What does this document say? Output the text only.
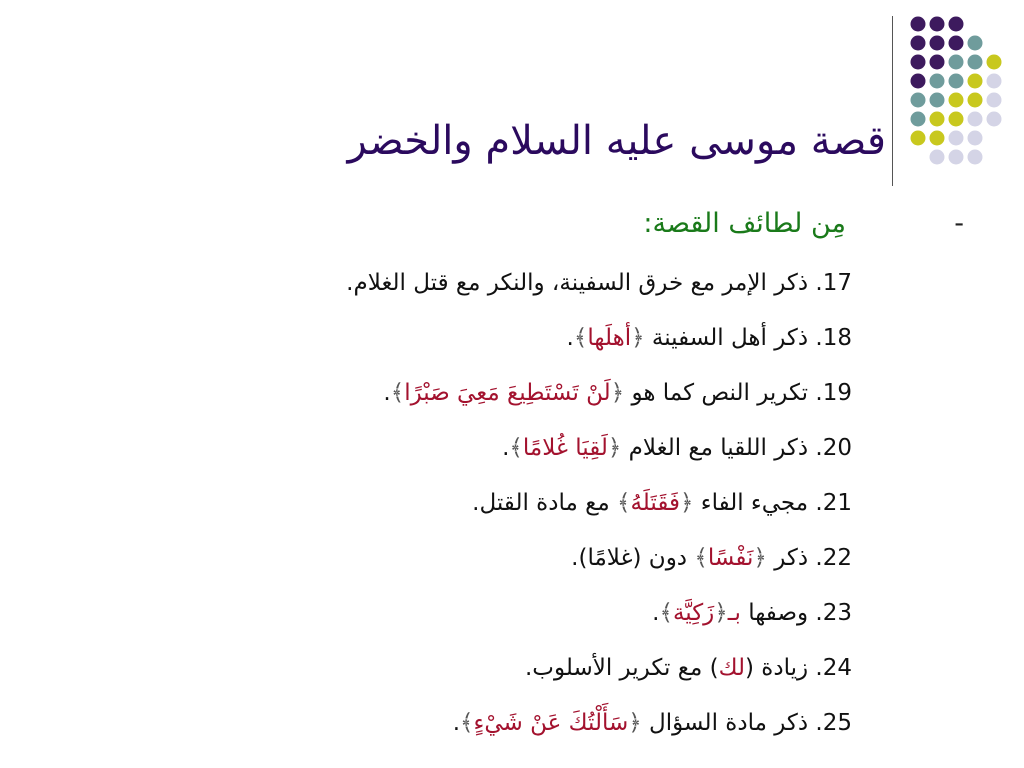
قصة موسى عليه السلام والخضر
-
مِن لطائف القصة:
17. ذكر الإمر مع خرق السفينة، والنكر مع قتل الغلام.
18. ذكر أهل السفينة ﴿أهلَها﴾.
19. تكرير النص كما هو ﴿لَنْ تَسْتَطِيعَ مَعِيَ صَبْرًا﴾.
20. ذكر اللقيا مع الغلام ﴿لَقِيَا غُلامًا﴾.
21. مجيء الفاء ﴿فَقَتَلَهُ﴾ مع مادة القتل.
22. ذكر ﴿نَفْسًا﴾ دون (غلامًا).
23. وصفها بـ﴿زَكِيَّة﴾.
24. زيادة (لك) مع تكرير الأسلوب.
25. ذكر مادة السؤال ﴿سَأَلْتُكَ عَنْ شَيْءٍ﴾.
